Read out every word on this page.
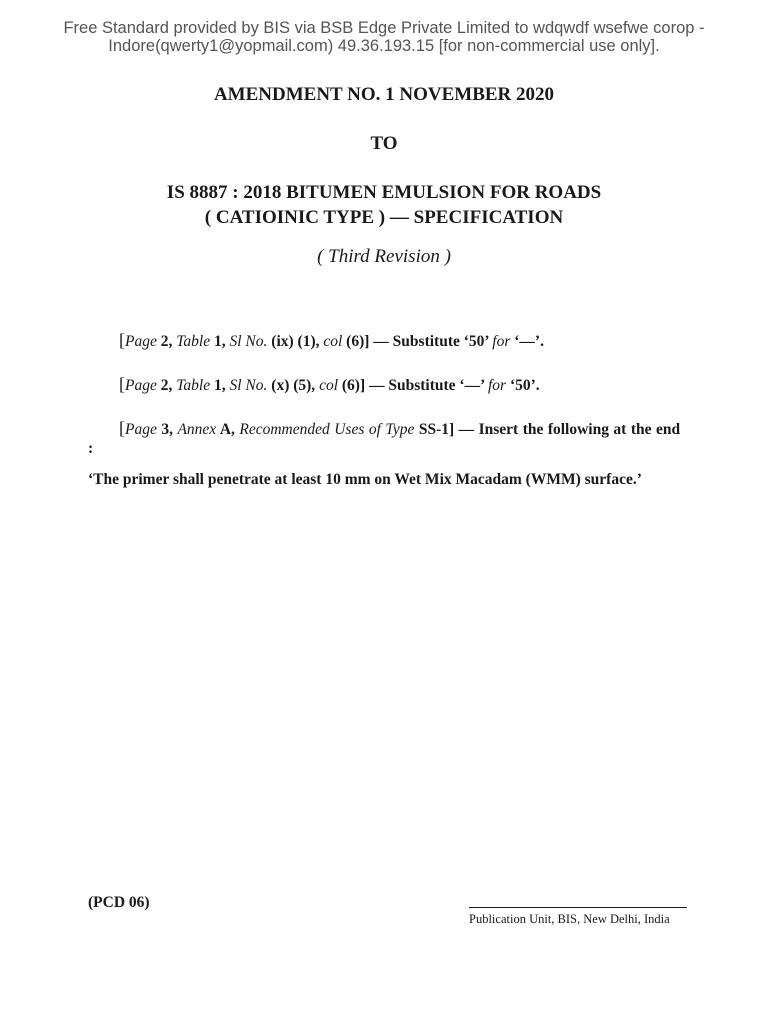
Free Standard provided by BIS via BSB Edge Private Limited to wdqwdf wsefwe corop -
Indore(qwerty1@yopmail.com) 49.36.193.15 [for non-commercial use only].
AMENDMENT NO. 1 NOVEMBER 2020
TO
IS 8887 : 2018 BITUMEN EMULSION FOR ROADS
( CATIOINIC TYPE ) — SPECIFICATION
( Third Revision )
[Page 2, Table 1, Sl No. (ix) (1), col (6)] — Substitute ‘50’ for ‘—’.
[Page 2, Table 1, Sl No. (x) (5), col (6)] — Substitute ‘—’ for ‘50’.
[Page 3, Annex A, Recommended Uses of Type SS-1] — Insert the following at the end :
‘The primer shall penetrate at least 10 mm on Wet Mix Macadam (WMM) surface.’
(PCD 06)
Publication Unit, BIS, New Delhi, India
